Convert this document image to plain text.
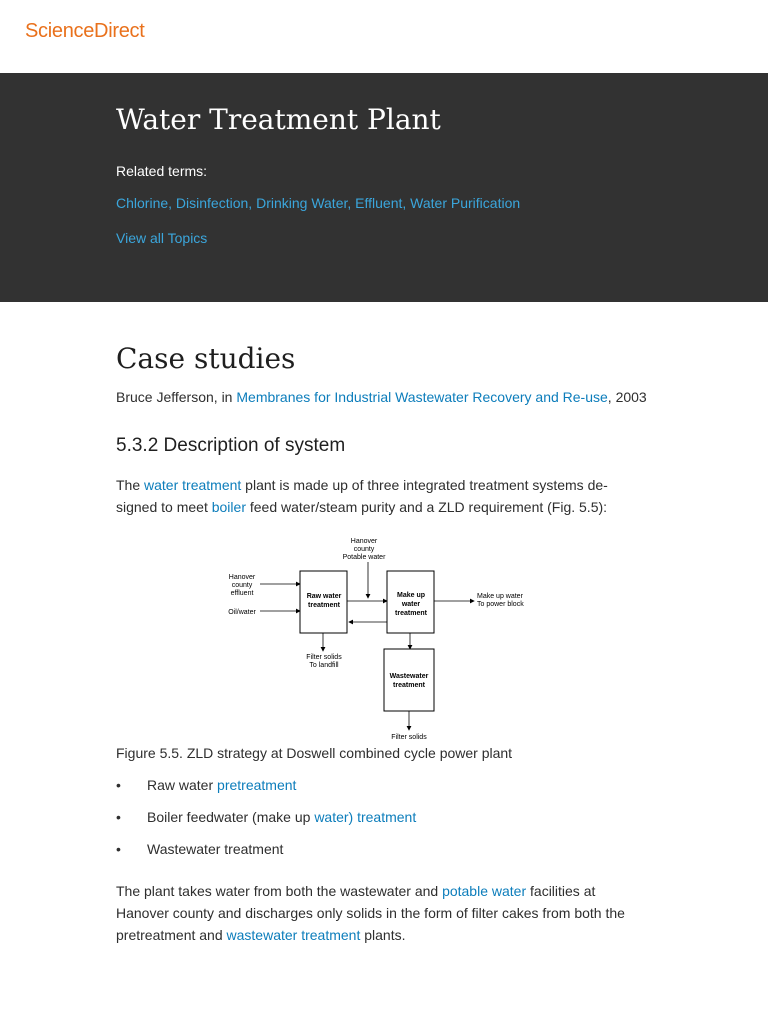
ScienceDirect
Water Treatment Plant

Related terms:

Chlorine, Disinfection, Drinking Water, Effluent, Water Purification
View all Topics
Case studies
Bruce Jefferson, in Membranes for Industrial Wastewater Recovery and Re-use, 2003
5.3.2 Description of system

The water treatment plant is made up of three integrated treatment systems de-signed to meet boiler feed water/steam purity and a ZLD requirement (Fig. 5.5):

Hanover
county
Potable water
Hanover
county
effluent
Oil/water
Raw water
treatment
Make up
water
treatment
Make up water
To power block
Filter solids
To landfill
Wastewater
treatment
Filter solids
Figure 5.5. ZLD strategy at Doswell combined cycle power plant
• Raw water pretreatment
• Boiler feedwater (make up water) treatment
• Wastewater treatment

The plant takes water from both the wastewater and potable water facilities at Hanover county and discharges only solids in the form of filter cakes from both the pretreatment and wastewater treatment plants.
